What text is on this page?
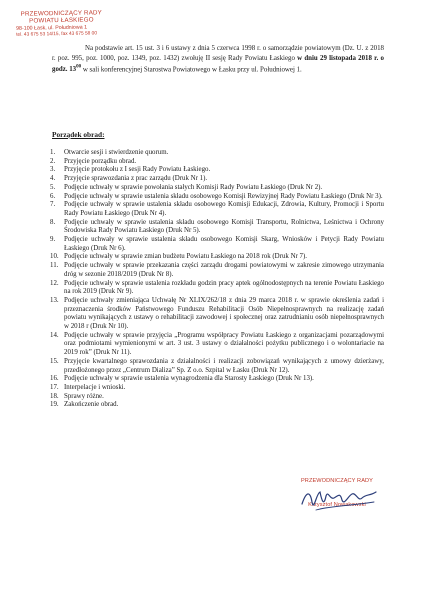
PRZEWODNICZĄCY RADY
POWIATU ŁASKIEGO
98-100 Łask, ul. Południowa 1
tel. 43 675 53 14/15, fax 43 675 58 00

Na podstawie art. 15 ust. 3 i 6 ustawy z dnia 5 czerwca 1998 r. o samorządzie powiatowym (Dz. U. z 2018 r. poz. 995, poz. 1000, poz. 1349, poz. 1432) zwołuję II sesję Rady Powiatu Łaskiego w dniu 29 listopada 2018 r. o godz. $13^{00}$ w sali konferencyjnej Starostwa Powiatowego w Łasku przy ul. Południowej 1.

Porządek obrad:
1. Otwarcie sesji i stwierdzenie quorum.
2. Przyjęcie porządku obrad.
3. Przyjęcie protokołu z I sesji Rady Powiatu Łaskiego.
4. Przyjęcie sprawozdania z prac zarządu (Druk Nr 1).
5. Podjęcie uchwały w sprawie powołania stałych Komisji Rady Powiatu Łaskiego (Druk Nr 2).
6. Podjęcie uchwały w sprawie ustalenia składu osobowego Komisji Rewizyjnej Rady Powiatu Łaskiego (Druk Nr 3).
7. Podjęcie uchwały w sprawie ustalenia składu osobowego Komisji Edukacji, Zdrowia, Kultury, Promocji i Sportu Rady Powiatu Łaskiego (Druk Nr 4).
8. Podjęcie uchwały w sprawie ustalenia składu osobowego Komisji Transportu, Rolnictwa, Leśnictwa i Ochrony Środowiska Rady Powiatu Łaskiego (Druk Nr 5).
9. Podjęcie uchwały w sprawie ustalenia składu osobowego Komisji Skarg, Wniosków i Petycji Rady Powiatu Łaskiego (Druk Nr 6).
10. Podjęcie uchwały w sprawie zmian budżetu Powiatu Łaskiego na 2018 rok (Druk Nr 7).
11. Podjęcie uchwały w sprawie przekazania części zarządu drogami powiatowymi w zakresie zimowego utrzymania dróg w sezonie 2018/2019 (Druk Nr 8).
12. Podjęcie uchwały w sprawie ustalenia rozkładu godzin pracy aptek ogólnodostępnych na terenie Powiatu Łaskiego na rok 2019 (Druk Nr 9).
13. Podjęcie uchwały zmieniająca Uchwałę Nr XLIX/262/18 z dnia 29 marca 2018 r. w sprawie określenia zadań i przeznaczenia środków Państwowego Funduszu Rehabilitacji Osób Niepełnosprawnych na realizację zadań powiatu wynikających z ustawy o rehabilitacji zawodowej i społecznej oraz zatrudnianiu osób niepełnosprawnych w 2018 r (Druk Nr 10).
14. Podjęcie uchwały w sprawie przyjęcia „Programu współpracy Powiatu Łaskiego z organizacjami pozarządowymi oraz podmiotami wymienionymi w art. 3 ust. 3 ustawy o działalności pożytku publicznego i o wolontariacie na 2019 rok” (Druk Nr 11).
15. Przyjęcie kwartalnego sprawozdania z działalności i realizacji zobowiązań wynikających z umowy dzierżawy, przedłożonego przez „Centrum Dializa” Sp. Z o.o. Szpital w Łasku (Druk Nr 12).
16. Podjęcie uchwały w sprawie ustalenia wynagrodzenia dla Starosty Łaskiego (Druk Nr 13).
17. Interpelacje i wnioski.
18. Sprawy różne.
19. Zakończenie obrad.
PRZEWODNICZĄCY RADY
Krzysztof Nowakowski
